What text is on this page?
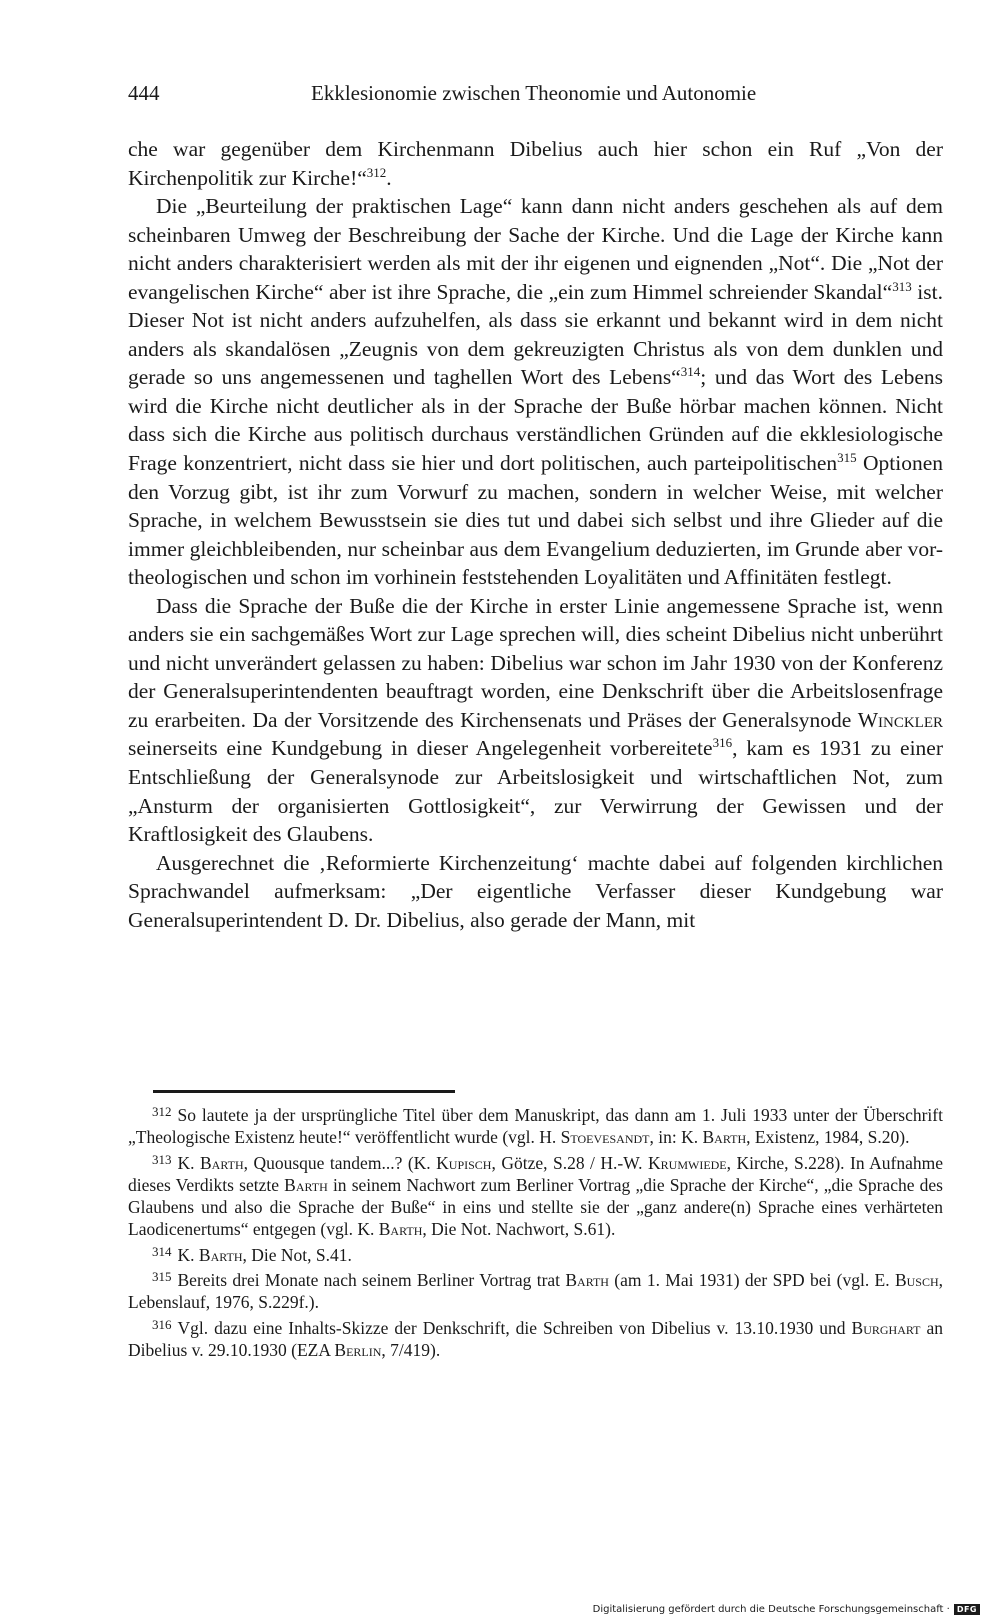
444	Ekklesionomie zwischen Theonomie und Autonomie

che war gegenüber dem Kirchenmann Dibelius auch hier schon ein Ruf „Von der Kirchenpolitik zur Kirche!“$^{312}$.

Die „Beurteilung der praktischen Lage“ kann dann nicht anders geschehen als auf dem scheinbaren Umweg der Beschreibung der Sache der Kirche. Und die Lage der Kirche kann nicht anders charakterisiert werden als mit der ihr eigenen und eignenden „Not“. Die „Not der evangelischen Kirche“ aber ist ihre Sprache, die „ein zum Himmel schreiender Skandal“$^{313}$ ist. Dieser Not ist nicht anders aufzuhelfen, als dass sie erkannt und bekannt wird in dem nicht anders als skandalösen „Zeugnis von dem gekreuzigten Christus als von dem dunklen und gerade so uns angemessenen und taghellen Wort des Lebens“$^{314}$; und das Wort des Lebens wird die Kirche nicht deutlicher als in der Sprache der Buße hörbar machen können. Nicht dass sich die Kirche aus politisch durchaus verständlichen Gründen auf die ekklesiologische Frage konzentriert, nicht dass sie hier und dort politischen, auch parteipolitischen$^{315}$ Optionen den Vorzug gibt, ist ihr zum Vorwurf zu machen, sondern in welcher Weise, mit welcher Sprache, in welchem Bewusstsein sie dies tut und dabei sich selbst und ihre Glieder auf die immer gleichbleibenden, nur scheinbar aus dem Evangelium deduzierten, im Grunde aber vor-theologischen und schon im vorhinein feststehenden Loyalitäten und Affinitäten festlegt.

Dass die Sprache der Buße die der Kirche in erster Linie angemessene Sprache ist, wenn anders sie ein sachgemäßes Wort zur Lage sprechen will, dies scheint Dibelius nicht unberührt und nicht unverändert gelassen zu haben: Dibelius war schon im Jahr 1930 von der Konferenz der Generalsuperintendenten beauftragt worden, eine Denkschrift über die Arbeitslosenfrage zu erarbeiten. Da der Vorsitzende des Kirchensenats und Präses der Generalsynode Winckler seinerseits eine Kundgebung in dieser Angelegenheit vorbereitete$^{316}$, kam es 1931 zu einer Entschließung der Generalsynode zur Arbeitslosigkeit und wirtschaftlichen Not, zum „Ansturm der organisierten Gottlosigkeit“, zur Verwirrung der Gewissen und der Kraftlosigkeit des Glaubens.

Ausgerechnet die ‚Reformierte Kirchenzeitung‘ machte dabei auf folgenden kirchlichen Sprachwandel aufmerksam: „Der eigentliche Verfasser dieser Kundgebung war Generalsuperintendent D. Dr. Dibelius, also gerade der Mann, mit

$^{312}$ So lautete ja der ursprüngliche Titel über dem Manuskript, das dann am 1. Juli 1933 unter der Überschrift „Theologische Existenz heute!“ veröffentlicht wurde (vgl. H. Stoevesandt, in: K. Barth, Existenz, 1984, S.20).

$^{313}$ K. Barth, Quousque tandem...? (K. Kupisch, Götze, S.28 / H.-W. Krumwiede, Kirche, S.228). In Aufnahme dieses Verdikts setzte Barth in seinem Nachwort zum Berliner Vortrag „die Sprache der Kirche“, „die Sprache des Glaubens und also die Sprache der Buße“ in eins und stellte sie der „ganz andere(n) Sprache eines verhärteten Laodicenertums“ entgegen (vgl. K. Barth, Die Not. Nachwort, S.61).

$^{314}$ K. Barth, Die Not, S.41.

$^{315}$ Bereits drei Monate nach seinem Berliner Vortrag trat Barth (am 1. Mai 1931) der SPD bei (vgl. E. Busch, Lebenslauf, 1976, S.229f.).

$^{316}$ Vgl. dazu eine Inhalts-Skizze der Denkschrift, die Schreiben von Dibelius v. 13.10.1930 und Burghart an Dibelius v. 29.10.1930 (EZA Berlin, 7/419).

Digitalisierung gefördert durch die Deutsche Forschungsgemeinschaft · DFG
